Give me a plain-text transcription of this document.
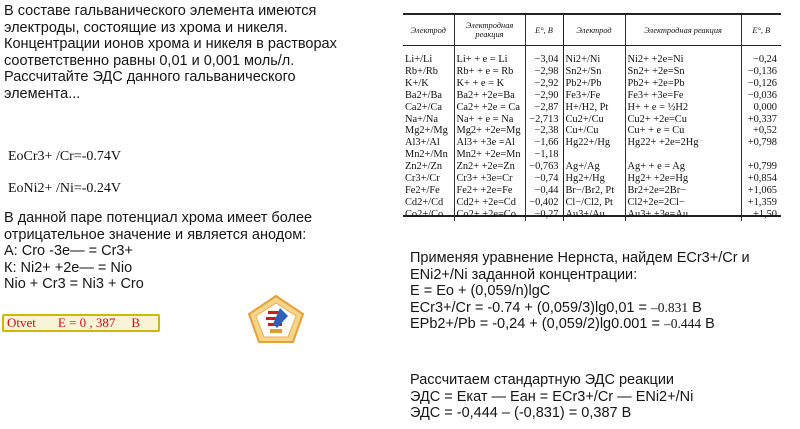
В составе гальванического элемента имеются
электроды, состоящие из хрома и никеля.
Концентрации ионов хрома и никеля в растворах
соответственно равны 0,01 и 0,001 моль/л.
Рассчитайте ЭДС данного гальванического
элемента...
EoCr3+ /Cr=-0.74V
EoNi2+ /Ni=-0.24V
В данной паре потенциал хрома имеет более
отрицательное значение и является анодом:
А: Cro -3е— = Cr3+
К: Ni2+ +2е— = Nio
Nio + Cr3 = Ni3 + Cro
Otvet E = 0 , 387 B
Электрод	Электродная реакция	E°, В	Электрод	Электродная реакция	E°, В
Li+/Li	Li+ + e = Li	−3,04	Ni2+/Ni	Ni2+ +2e=Ni	−0,24
Rb+/Rb	Rb+ + e = Rb	−2,98	Sn2+/Sn	Sn2+ +2e=Sn	−0,136
K+/K	K+ + e = K	−2,92	Pb2+/Pb	Pb2+ +2e=Pb	−0,126
Ba2+/Ba	Ba2+ +2e=Ba	−2,90	Fe3+/Fe	Fe3+ +3e=Fe	−0,036
Ca2+/Ca	Ca2+ +2e = Ca	−2,87	H+/H2, Pt	H+ + e = ½H2	0,000
Na+/Na	Na+ + e = Na	−2,713	Cu2+/Cu	Cu2+ +2e=Cu	+0,337
Mg2+/Mg	Mg2+ +2e=Mg	−2,38	Cu+/Cu	Cu+ + e = Cu	+0,52
Al3+/Al	Al3+ +3e =Al	−1,66	Hg22+/Hg	Hg22+ +2e=2Hg	+0,798
Mn2+/Mn	Mn2+ +2e=Mn	−1,18			
Zn2+/Zn	Zn2+ +2e=Zn	−0,763	Ag+/Ag	Ag+ + e = Ag	+0,799
Cr3+/Cr	Cr3+ +3e=Cr	−0,74	Hg2+/Hg	Hg2+ +2e=Hg	+0,854
Fe2+/Fe	Fe2+ +2e=Fe	−0,44	Br−/Br2, Pt	Br2+2e=2Br−	+1,065
Cd2+/Cd	Cd2+ +2e=Cd	−0,402	Cl−/Cl2, Pt	Cl2+2e=2Cl−	+1,359
Co2+/Co	Co2+ +2e=Co	−0,27	Au3+/Au	Au3+ +3e=Au	+1,50
Применяя уравнение Нернста, найдем ECr3+/Cr и
ENi2+/Ni заданной концентрации:
E = Eo + (0,059/n)lgC
ECr3+/Cr = -0.74 + (0,059/3)lg0,01 = –0.831 В
EPb2+/Pb = -0,24 + (0,059/2)lg0.001 = –0.444 В
Рассчитаем стандартную ЭДС реакции
ЭДС = Eкат — Eан = ECr3+/Cr — ENi2+/Ni
ЭДС = -0,444 – (-0,831) = 0,387 В
